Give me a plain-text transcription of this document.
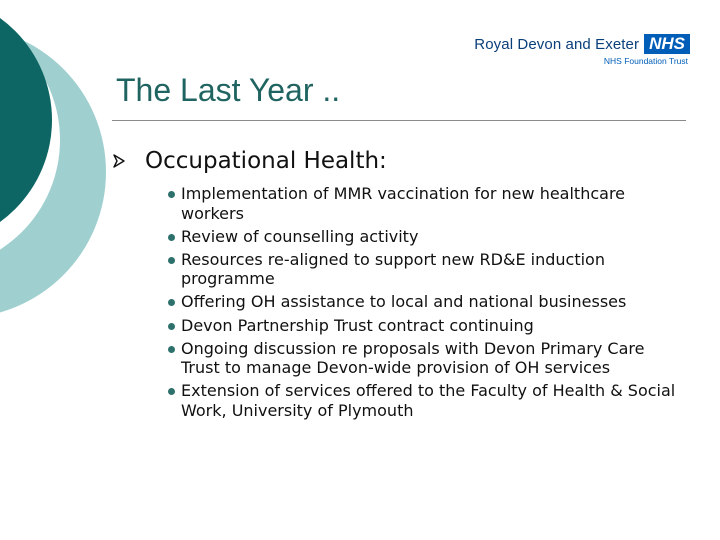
Royal Devon and Exeter NHS
NHS Foundation Trust
The Last Year ..
Occupational Health:
Implementation of MMR vaccination for new healthcare workers
Review of counselling activity
Resources re-aligned to support new RD&E induction programme
Offering OH assistance to local and national businesses
Devon Partnership Trust contract continuing
Ongoing discussion re proposals with Devon Primary Care Trust to manage Devon-wide provision of OH services
Extension of services offered to the Faculty of Health & Social Work, University of Plymouth
